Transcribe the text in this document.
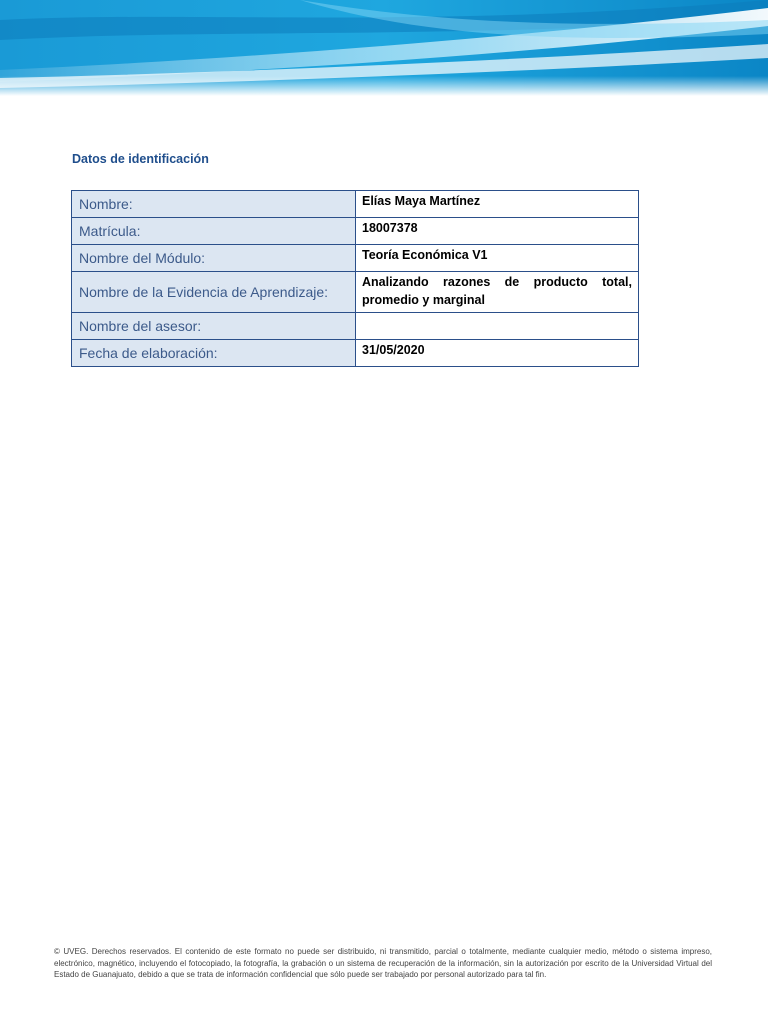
Datos de identificación
Nombre:	Elías Maya Martínez
Matrícula:	18007378
Nombre del Módulo:	Teoría Económica V1
Nombre de la Evidencia de Aprendizaje:	Analizando razones de producto total, promedio y marginal
Nombre del asesor:	
Fecha de elaboración:	31/05/2020
© UVEG. Derechos reservados. El contenido de este formato no puede ser distribuido, ni transmitido, parcial o totalmente, mediante cualquier medio, método o sistema impreso, electrónico, magnético, incluyendo el fotocopiado, la fotografía, la grabación o un sistema de recuperación de la información, sin la autorización por escrito de la Universidad Virtual del Estado de Guanajuato, debido a que se trata de información confidencial que sólo puede ser trabajado por personal autorizado para tal fin.
